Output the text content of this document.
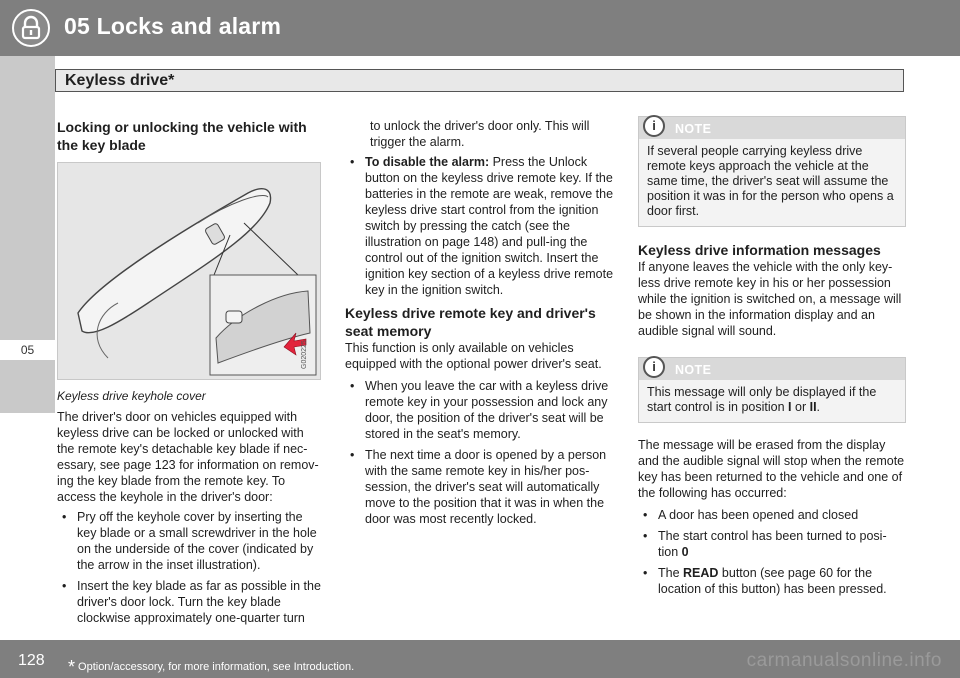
05 Locks and alarm
05
Keyless drive*
Locking or unlocking the vehicle with the key blade
G020225

Keyless drive keyhole cover

The driver's door on vehicles equipped with keyless drive can be locked or unlocked with the remote key's detachable key blade if nec-essary, see page 123 for information on remov-ing the key blade from the remote key. To access the keyhole in the driver's door:

• Pry off the keyhole cover by inserting the key blade or a small screwdriver in the hole on the underside of the cover (indicated by the arrow in the inset illustration).
• Insert the key blade as far as possible in the driver's door lock. Turn the key blade clockwise approximately one-quarter turn

to unlock the driver's door only. This will trigger the alarm.

• To disable the alarm: Press the Unlock button on the keyless drive remote key. If the batteries in the remote are weak, remove the keyless drive start control from the ignition switch by pressing the catch (see the illustration on page 148) and pull-ing the control out of the ignition switch. Insert the ignition key section of a keyless drive remote key in the ignition switch.
Keyless drive remote key and driver's seat memory

This function is only available on vehicles equipped with the optional power driver's seat.

• When you leave the car with a keyless drive remote key in your possession and lock any door, the position of the driver's seat will be stored in the seat's memory.
• The next time a door is opened by a person with the same remote key in his/her pos-session, the driver's seat will automatically move to the position that it was in when the door was most recently locked.
i	NOTE
If several people carrying keyless drive remote keys approach the vehicle at the same time, the driver's seat will assume the position it was in for the person who opens a door first.
Keyless drive information messages

If anyone leaves the vehicle with the only key-less drive remote key in his or her possession while the ignition is switched on, a message will be shown in the information display and an audible signal will sound.

i	NOTE
This message will only be displayed if the start control is in position I or II.

The message will be erased from the display and the audible signal will stop when the remote key has been returned to the vehicle and one of the following has occurred:

• A door has been opened and closed
• The start control has been turned to posi-tion 0
• The READ button (see page 60 for the location of this button) has been pressed.
128 * Option/accessory, for more information, see Introduction.	carmanualsonline.info
